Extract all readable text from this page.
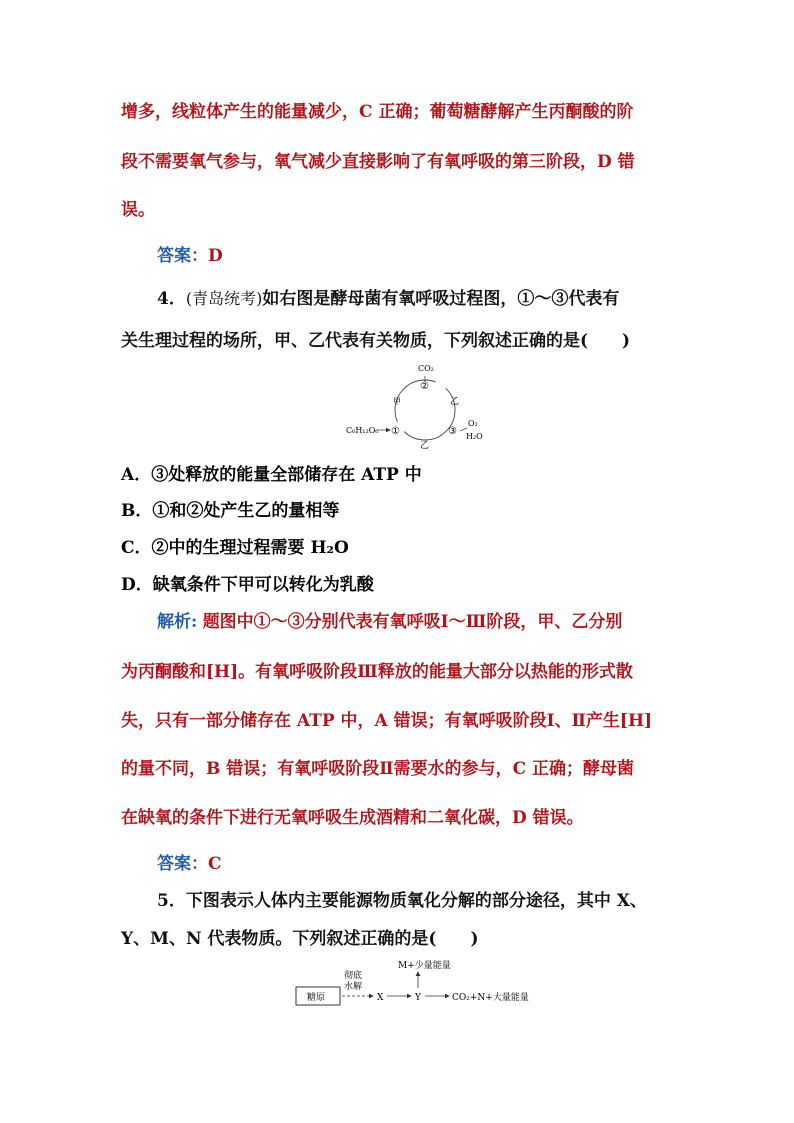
增多，线粒体产生的能量减少，C 正确；葡萄糖酵解产生丙酮酸的阶
段不需要氧气参与，氧气减少直接影响了有氧呼吸的第三阶段，D 错
误。
答案：D
4．(青岛统考)如右图是酵母菌有氧呼吸过程图，①～③代表有
关生理过程的场所，甲、乙代表有关物质，下列叙述正确的是(　　)
CO₂
②
①	③
甲	乙
乙
C₆H₁₂O₆
O₂
H₂O
A．③处释放的能量全部储存在 ATP 中
B．①和②处产生乙的量相等
C．②中的生理过程需要 H₂O
D．缺氧条件下甲可以转化为乳酸
解析: 题图中①～③分别代表有氧呼吸Ⅰ～Ⅲ阶段，甲、乙分别
为丙酮酸和[H]。有氧呼吸阶段Ⅲ释放的能量大部分以热能的形式散
失，只有一部分储存在 ATP 中，A 错误；有氧呼吸阶段Ⅰ、Ⅱ产生[H]
的量不同，B 错误；有氧呼吸阶段Ⅱ需要水的参与，C 正确；酵母菌
在缺氧的条件下进行无氧呼吸生成酒精和二氧化碳，D 错误。
答案：C
5．下图表示人体内主要能源物质氧化分解的部分途径，其中 X、
Y、M、N 代表物质。下列叙述正确的是(　　)
糖原
彻底
水解
X	Y
M+少量能量
CO₂+N+大量能量
